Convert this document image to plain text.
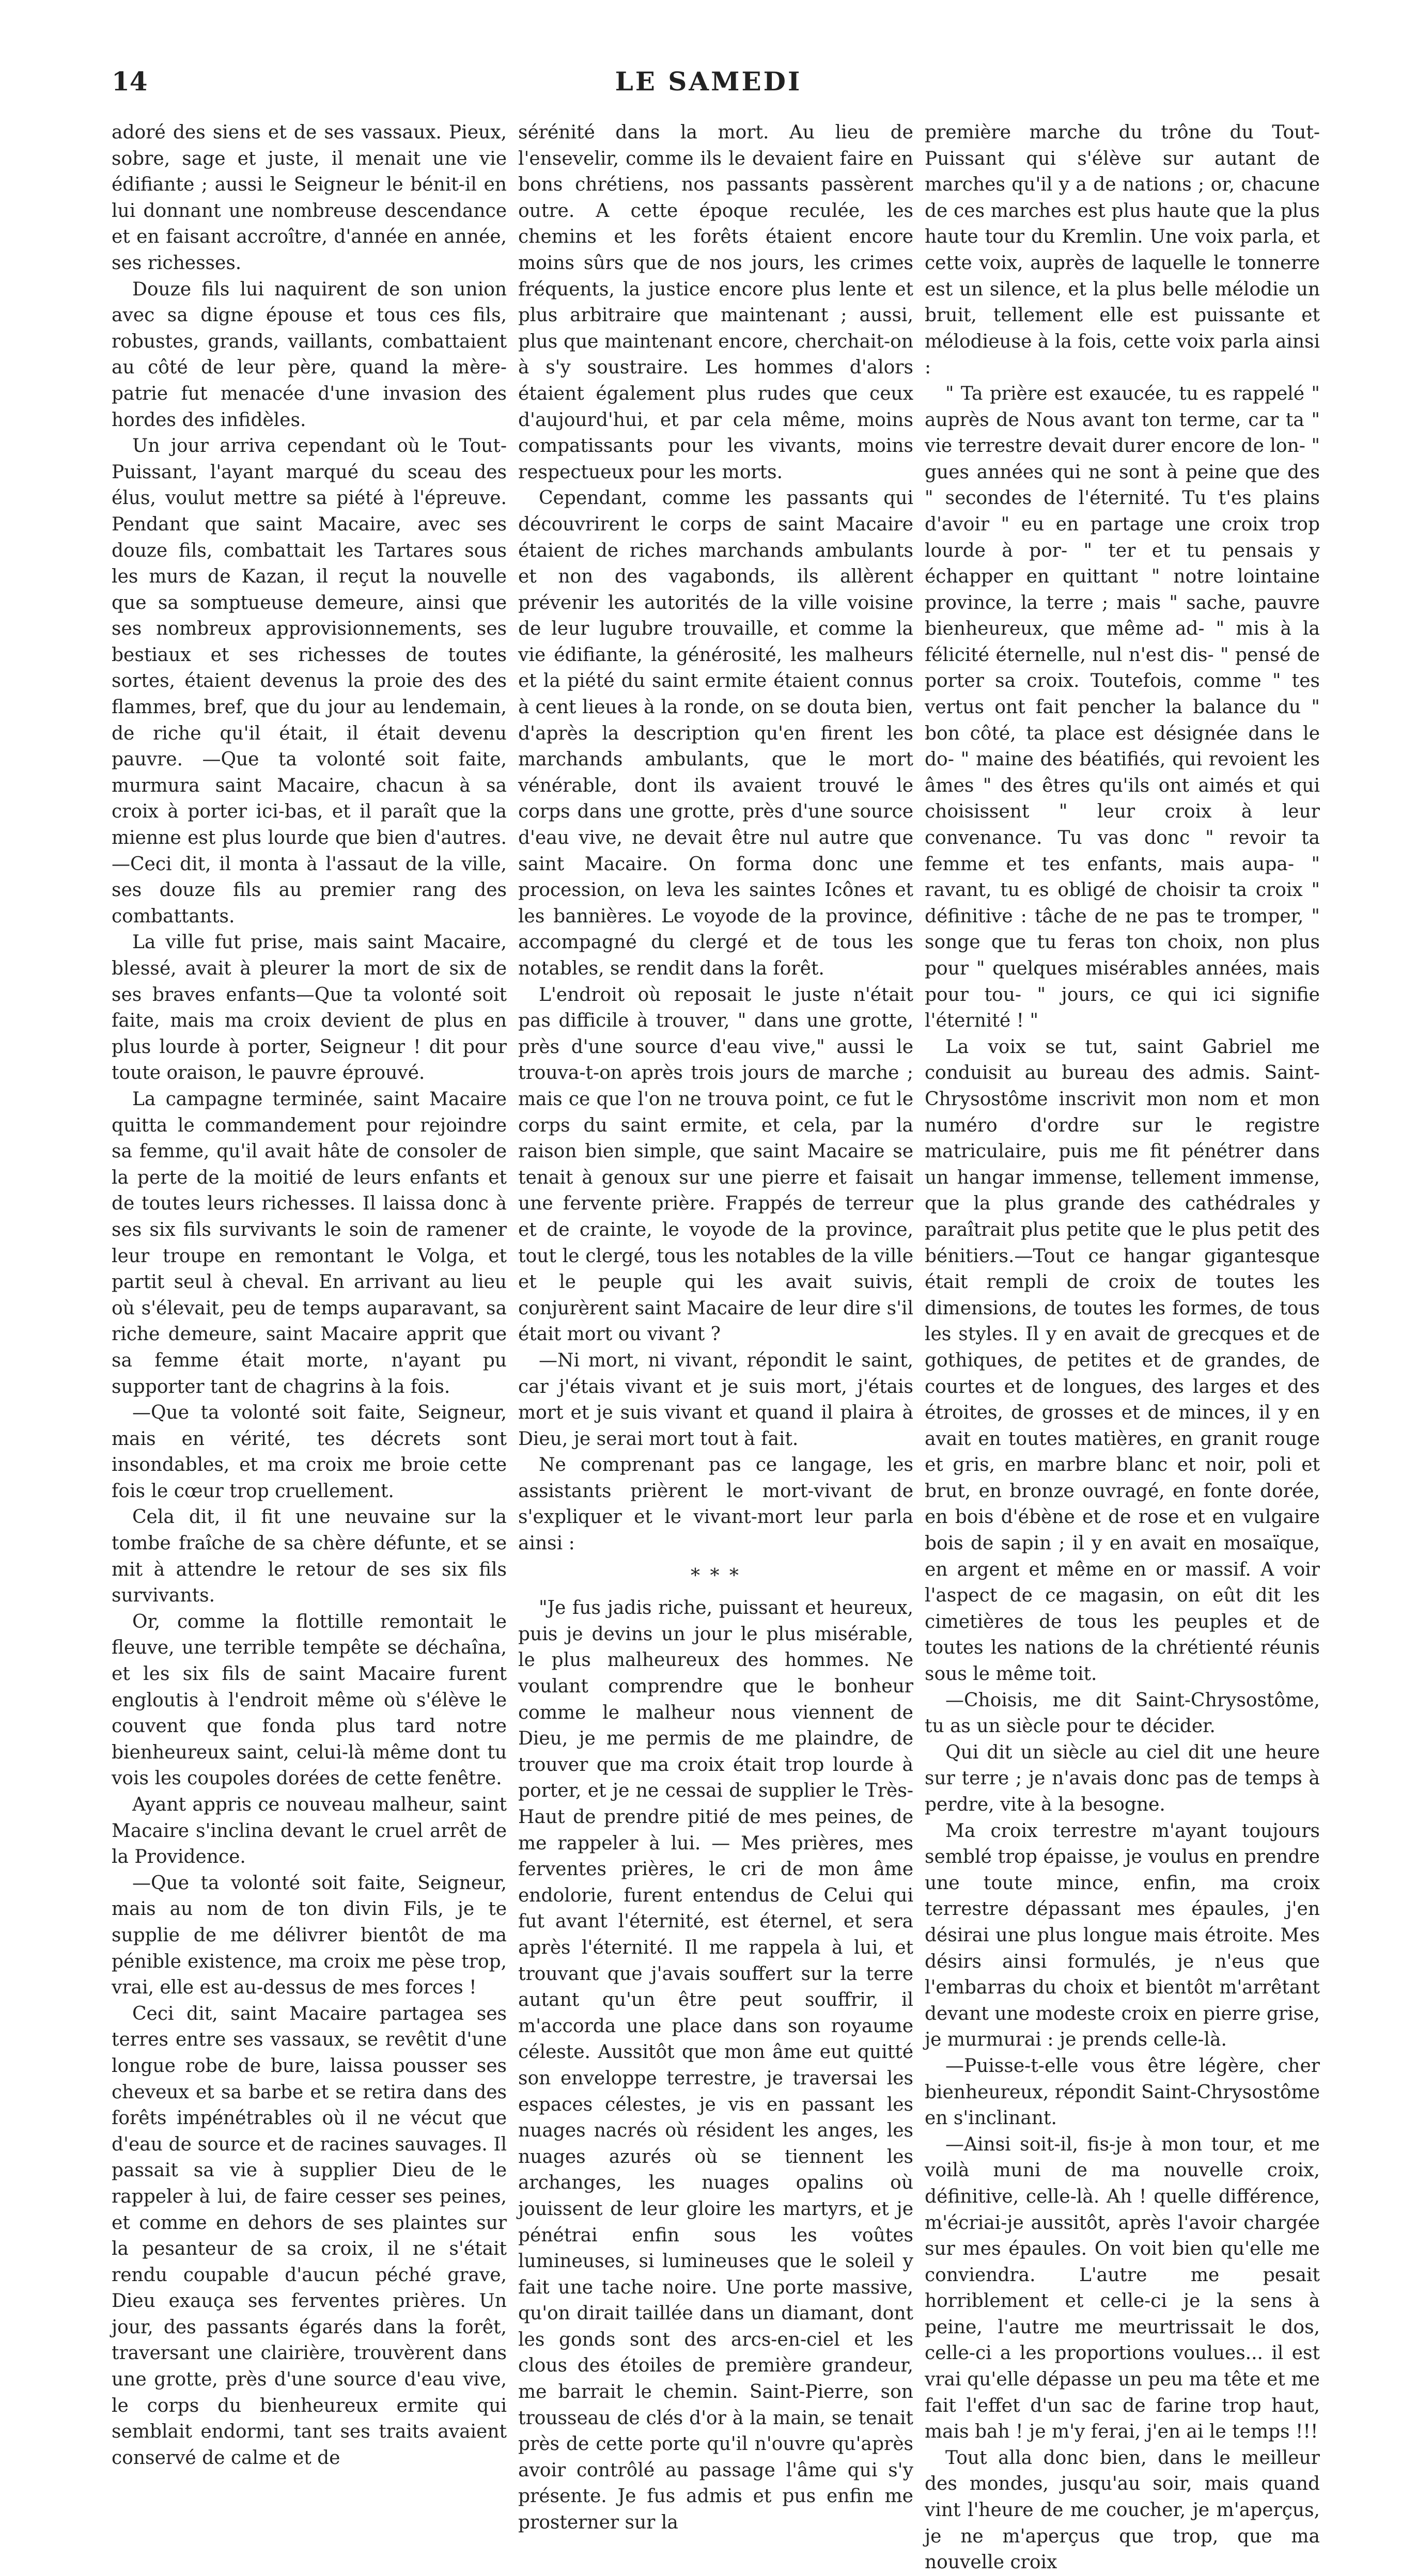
14	LE SAMEDI

adoré des siens et de ses vassaux. Pieux, sobre, sage et juste, il menait une vie édifiante ; aussi le Seigneur le bénit-il en lui donnant une nombreuse descendance et en faisant accroître, d'année en année, ses richesses.

Douze fils lui naquirent de son union avec sa digne épouse et tous ces fils, robustes, grands, vaillants, combattaient au côté de leur père, quand la mère-patrie fut menacée d'une invasion des hordes des infidèles.

Un jour arriva cependant où le Tout-Puissant, l'ayant marqué du sceau des élus, voulut mettre sa piété à l'épreuve. Pendant que saint Macaire, avec ses douze fils, combattait les Tartares sous les murs de Kazan, il reçut la nouvelle que sa somptueuse demeure, ainsi que ses nombreux approvisionnements, ses bestiaux et ses richesses de toutes sortes, étaient devenus la proie des des flammes, bref, que du jour au lendemain, de riche qu'il était, il était devenu pauvre. —Que ta volonté soit faite, murmura saint Macaire, chacun à sa croix à porter ici-bas, et il paraît que la mienne est plus lourde que bien d'autres.—Ceci dit, il monta à l'assaut de la ville, ses douze fils au premier rang des combattants.

La ville fut prise, mais saint Macaire, blessé, avait à pleurer la mort de six de ses braves enfants—Que ta volonté soit faite, mais ma croix devient de plus en plus lourde à porter, Seigneur ! dit pour toute oraison, le pauvre éprouvé.

La campagne terminée, saint Macaire quitta le commandement pour rejoindre sa femme, qu'il avait hâte de consoler de la perte de la moitié de leurs enfants et de toutes leurs richesses. Il laissa donc à ses six fils survivants le soin de ramener leur troupe en remontant le Volga, et partit seul à cheval. En arrivant au lieu où s'élevait, peu de temps auparavant, sa riche demeure, saint Macaire apprit que sa femme était morte, n'ayant pu supporter tant de chagrins à la fois.

—Que ta volonté soit faite, Seigneur, mais en vérité, tes décrets sont insondables, et ma croix me broie cette fois le cœur trop cruellement.

Cela dit, il fit une neuvaine sur la tombe fraîche de sa chère défunte, et se mit à attendre le retour de ses six fils survivants.

Or, comme la flottille remontait le fleuve, une terrible tempête se déchaîna, et les six fils de saint Macaire furent engloutis à l'endroit même où s'élève le couvent que fonda plus tard notre bienheureux saint, celui-là même dont tu vois les coupoles dorées de cette fenêtre.

Ayant appris ce nouveau malheur, saint Macaire s'inclina devant le cruel arrêt de la Providence.

—Que ta volonté soit faite, Seigneur, mais au nom de ton divin Fils, je te supplie de me délivrer bientôt de ma pénible existence, ma croix me pèse trop, vrai, elle est au-dessus de mes forces !

Ceci dit, saint Macaire partagea ses terres entre ses vassaux, se revêtit d'une longue robe de bure, laissa pousser ses cheveux et sa barbe et se retira dans des forêts impénétrables où il ne vécut que d'eau de source et de racines sauvages. Il passait sa vie à supplier Dieu de le rappeler à lui, de faire cesser ses peines, et comme en dehors de ses plaintes sur la pesanteur de sa croix, il ne s'était rendu coupable d'aucun péché grave, Dieu exauça ses ferventes prières. Un jour, des passants égarés dans la forêt, traversant une clairière, trouvèrent dans une grotte, près d'une source d'eau vive, le corps du bienheureux ermite qui semblait endormi, tant ses traits avaient conservé de calme et de

sérénité dans la mort. Au lieu de l'ensevelir, comme ils le devaient faire en bons chrétiens, nos passants passèrent outre. A cette époque reculée, les chemins et les forêts étaient encore moins sûrs que de nos jours, les crimes fréquents, la justice encore plus lente et plus arbitraire que maintenant ; aussi, plus que maintenant encore, cherchait-on à s'y soustraire. Les hommes d'alors étaient également plus rudes que ceux d'aujourd'hui, et par cela même, moins compatissants pour les vivants, moins respectueux pour les morts.

Cependant, comme les passants qui découvrirent le corps de saint Macaire étaient de riches marchands ambulants et non des vagabonds, ils allèrent prévenir les autorités de la ville voisine de leur lugubre trouvaille, et comme la vie édifiante, la générosité, les malheurs et la piété du saint ermite étaient connus à cent lieues à la ronde, on se douta bien, d'après la description qu'en firent les marchands ambulants, que le mort vénérable, dont ils avaient trouvé le corps dans une grotte, près d'une source d'eau vive, ne devait être nul autre que saint Macaire. On forma donc une procession, on leva les saintes Icônes et les bannières. Le voyode de la province, accompagné du clergé et de tous les notables, se rendit dans la forêt.

L'endroit où reposait le juste n'était pas difficile à trouver, " dans une grotte, près d'une source d'eau vive," aussi le trouva-t-on après trois jours de marche ; mais ce que l'on ne trouva point, ce fut le corps du saint ermite, et cela, par la raison bien simple, que saint Macaire se tenait à genoux sur une pierre et faisait une fervente prière. Frappés de terreur et de crainte, le voyode de la province, tout le clergé, tous les notables de la ville et le peuple qui les avait suivis, conjurèrent saint Macaire de leur dire s'il était mort ou vivant ?

—Ni mort, ni vivant, répondit le saint, car j'étais vivant et je suis mort, j'étais mort et je suis vivant et quand il plaira à Dieu, je serai mort tout à fait.

Ne comprenant pas ce langage, les assistants prièrent le mort-vivant de s'expliquer et le vivant-mort leur parla ainsi :

* * *

"Je fus jadis riche, puissant et heureux, puis je devins un jour le plus misérable, le plus malheureux des hommes. Ne voulant comprendre que le bonheur comme le malheur nous viennent de Dieu, je me permis de me plaindre, de trouver que ma croix était trop lourde à porter, et je ne cessai de supplier le Très-Haut de prendre pitié de mes peines, de me rappeler à lui. — Mes prières, mes ferventes prières, le cri de mon âme endolorie, furent entendus de Celui qui fut avant l'éternité, est éternel, et sera après l'éternité. Il me rappela à lui, et trouvant que j'avais souffert sur la terre autant qu'un être peut souffrir, il m'accorda une place dans son royaume céleste. Aussitôt que mon âme eut quitté son enveloppe terrestre, je traversai les espaces célestes, je vis en passant les nuages nacrés où résident les anges, les nuages azurés où se tiennent les archanges, les nuages opalins où jouissent de leur gloire les martyrs, et je pénétrai enfin sous les voûtes lumineuses, si lumineuses que le soleil y fait une tache noire. Une porte massive, qu'on dirait taillée dans un diamant, dont les gonds sont des arcs-en-ciel et les clous des étoiles de première grandeur, me barrait le chemin. Saint-Pierre, son trousseau de clés d'or à la main, se tenait près de cette porte qu'il n'ouvre qu'après avoir contrôlé au passage l'âme qui s'y présente. Je fus admis et pus enfin me prosterner sur la

première marche du trône du Tout-Puissant qui s'élève sur autant de marches qu'il y a de nations ; or, chacune de ces marches est plus haute que la plus haute tour du Kremlin. Une voix parla, et cette voix, auprès de laquelle le tonnerre est un silence, et la plus belle mélodie un bruit, tellement elle est puissante et mélodieuse à la fois, cette voix parla ainsi :

" Ta prière est exaucée, tu es rappelé " auprès de Nous avant ton terme, car ta " vie terrestre devait durer encore de lon- " gues années qui ne sont à peine que des " secondes de l'éternité. Tu t'es plains d'avoir " eu en partage une croix trop lourde à por- " ter et tu pensais y échapper en quittant " notre lointaine province, la terre ; mais " sache, pauvre bienheureux, que même ad- " mis à la félicité éternelle, nul n'est dis- " pensé de porter sa croix. Toutefois, comme " tes vertus ont fait pencher la balance du " bon côté, ta place est désignée dans le do- " maine des béatifiés, qui revoient les âmes " des êtres qu'ils ont aimés et qui choisissent " leur croix à leur convenance. Tu vas donc " revoir ta femme et tes enfants, mais aupa- " ravant, tu es obligé de choisir ta croix " définitive : tâche de ne pas te tromper, " songe que tu feras ton choix, non plus pour " quelques misérables années, mais pour tou- " jours, ce qui ici signifie l'éternité ! "

La voix se tut, saint Gabriel me conduisit au bureau des admis. Saint-Chrysostôme inscrivit mon nom et mon numéro d'ordre sur le registre matriculaire, puis me fit pénétrer dans un hangar immense, tellement immense, que la plus grande des cathédrales y paraîtrait plus petite que le plus petit des bénitiers.—Tout ce hangar gigantesque était rempli de croix de toutes les dimensions, de toutes les formes, de tous les styles. Il y en avait de grecques et de gothiques, de petites et de grandes, de courtes et de longues, des larges et des étroites, de grosses et de minces, il y en avait en toutes matières, en granit rouge et gris, en marbre blanc et noir, poli et brut, en bronze ouvragé, en fonte dorée, en bois d'ébène et de rose et en vulgaire bois de sapin ; il y en avait en mosaïque, en argent et même en or massif. A voir l'aspect de ce magasin, on eût dit les cimetières de tous les peuples et de toutes les nations de la chrétienté réunis sous le même toit.

—Choisis, me dit Saint-Chrysostôme, tu as un siècle pour te décider.

Qui dit un siècle au ciel dit une heure sur terre ; je n'avais donc pas de temps à perdre, vite à la besogne.

Ma croix terrestre m'ayant toujours semblé trop épaisse, je voulus en prendre une toute mince, enfin, ma croix terrestre dépassant mes épaules, j'en désirai une plus longue mais étroite. Mes désirs ainsi formulés, je n'eus que l'embarras du choix et bientôt m'arrêtant devant une modeste croix en pierre grise, je murmurai : je prends celle-là.

—Puisse-t-elle vous être légère, cher bienheureux, répondit Saint-Chrysostôme en s'inclinant.

—Ainsi soit-il, fis-je à mon tour, et me voilà muni de ma nouvelle croix, définitive, celle-là. Ah ! quelle différence, m'écriai-je aussitôt, après l'avoir chargée sur mes épaules. On voit bien qu'elle me conviendra. L'autre me pesait horriblement et celle-ci je la sens à peine, l'autre me meurtrissait le dos, celle-ci a les proportions voulues... il est vrai qu'elle dépasse un peu ma tête et me fait l'effet d'un sac de farine trop haut, mais bah ! je m'y ferai, j'en ai le temps !!!

Tout alla donc bien, dans le meilleur des mondes, jusqu'au soir, mais quand vint l'heure de me coucher, je m'aperçus, je ne m'aperçus que trop, que ma nouvelle croix
